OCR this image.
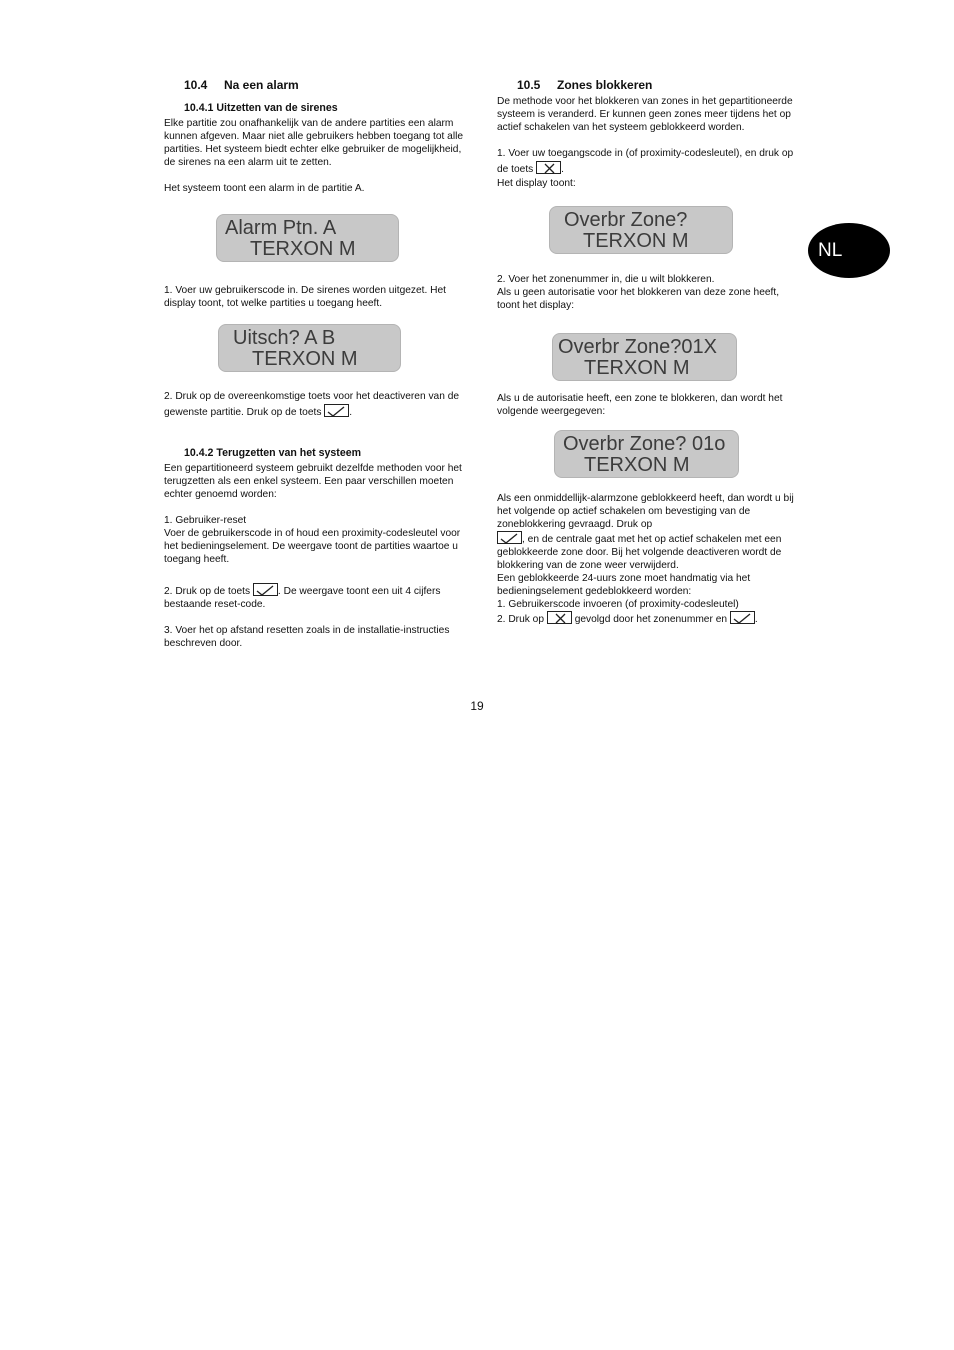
10.4 Na een alarm
10.4.1 Uitzetten van de sirenes

Elke partitie zou onafhankelijk van de andere partities een alarm kunnen afgeven. Maar niet alle gebruikers hebben toegang tot alle partities. Het systeem biedt echter elke gebruiker de mogelijkheid, de sirenes na een alarm uit te zetten.

Het systeem toont een alarm in de partitie A.

Alarm Ptn. A
TERXON M

1. Voer uw gebruikerscode in. De sirenes worden uitgezet. Het display toont, tot welke partities u toegang heeft.

Uitsch? A B
TERXON M

2. Druk op de overeenkomstige toets voor het deactiveren van de gewenste partitie. Druk op de toets	.

10.4.2 Terugzetten van het systeem

Een gepartitioneerd systeem gebruikt dezelfde methoden voor het terugzetten als een enkel systeem. Een paar verschillen moeten echter genoemd worden:

1. Gebruiker-reset
Voer de gebruikerscode in of houd een proximity-codesleutel voor het bedieningselement. De weergave toont de partities waartoe u toegang heeft.

2. Druk op de toets	. De weergave toont een uit 4 cijfers bestaande reset-code.

3. Voer het op afstand resetten zoals in de installatie-instructies beschreven door.

10.5 Zones blokkeren

De methode voor het blokkeren van zones in het gepartitioneerde systeem is veranderd. Er kunnen geen zones meer tijdens het op actief schakelen van het systeem geblokkeerd worden.

1. Voer uw toegangscode in (of proximity-codesleutel), en druk op de toets	.
Het display toont:

Overbr Zone?
TERXON M

2. Voer het zonenummer in, die u wilt blokkeren.
Als u geen autorisatie voor het blokkeren van deze zone heeft, toont het display:

Overbr Zone?01X
TERXON M

Als u de autorisatie heeft, een zone te blokkeren, dan wordt het volgende weergegeven:

Overbr Zone? 01o
TERXON M

Als een onmiddellijk-alarmzone geblokkeerd heeft, dan wordt u bij het volgende op actief schakelen om bevestiging van de zoneblokkering gevraagd. Druk op

, en de centrale gaat met het op actief schakelen met een geblokkeerde zone door. Bij het volgende deactiveren wordt de blokkering van de zone weer verwijderd.
Een geblokkeerde 24-uurs zone moet handmatig via het bedieningselement gedeblokkeerd worden:
1. Gebruikerscode invoeren (of proximity-codesleutel)
2. Druk op	gevolgd door het zonenummer en	.

NL
19
